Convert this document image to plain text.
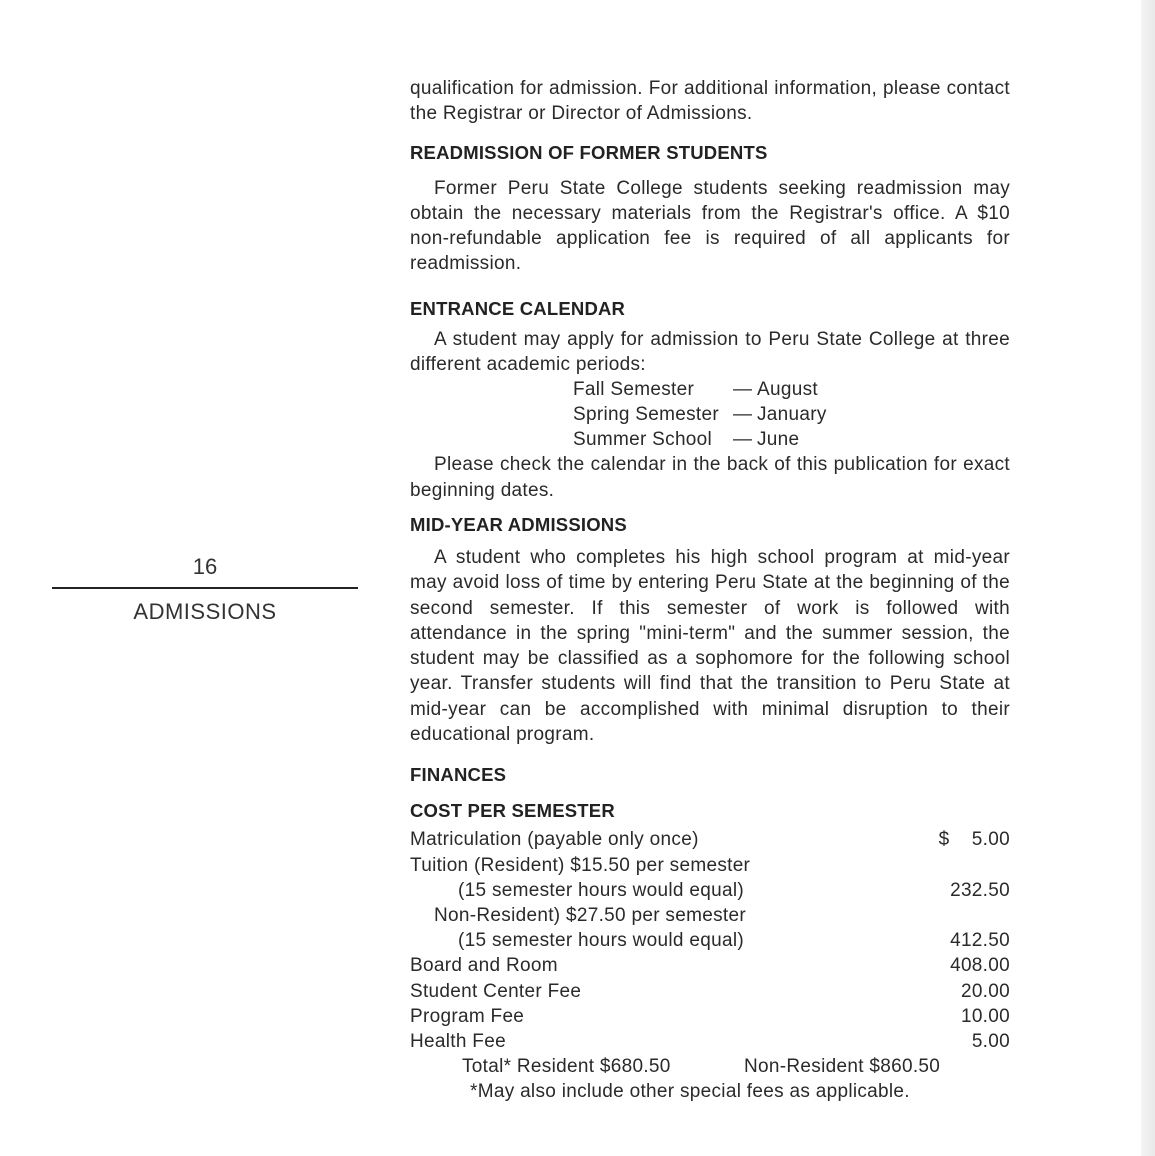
16
ADMISSIONS

qualification for admission. For additional information, please contact the Registrar or Director of Admissions.

READMISSION OF FORMER STUDENTS

Former Peru State College students seeking readmission may obtain the necessary materials from the Registrar's office. A $10 non-refundable application fee is required of all applicants for readmission.

ENTRANCE CALENDAR

A student may apply for admission to Peru State College at three different academic periods:

Fall Semester	— August
Spring Semester — January
Summer School	— June

Please check the calendar in the back of this publication for exact beginning dates.

MID-YEAR ADMISSIONS

A student who completes his high school program at mid-year may avoid loss of time by entering Peru State at the beginning of the second semester. If this semester of work is followed with attendance in the spring "mini-term" and the summer session, the student may be classified as a sophomore for the following school year. Transfer students will find that the transition to Peru State at mid-year can be accomplished with minimal disruption to their educational program.

FINANCES
COST PER SEMESTER
Matriculation (payable only once)	$    5.00
Tuition (Resident) $15.50 per semester
(15 semester hours would equal)	232.50
Non-Resident) $27.50 per semester
(15 semester hours would equal)	412.50
Board and Room	408.00
Student Center Fee	20.00
Program Fee	10.00
Health Fee	5.00
Total* Resident $680.50	Non-Resident $860.50
*May also include other special fees as applicable.
